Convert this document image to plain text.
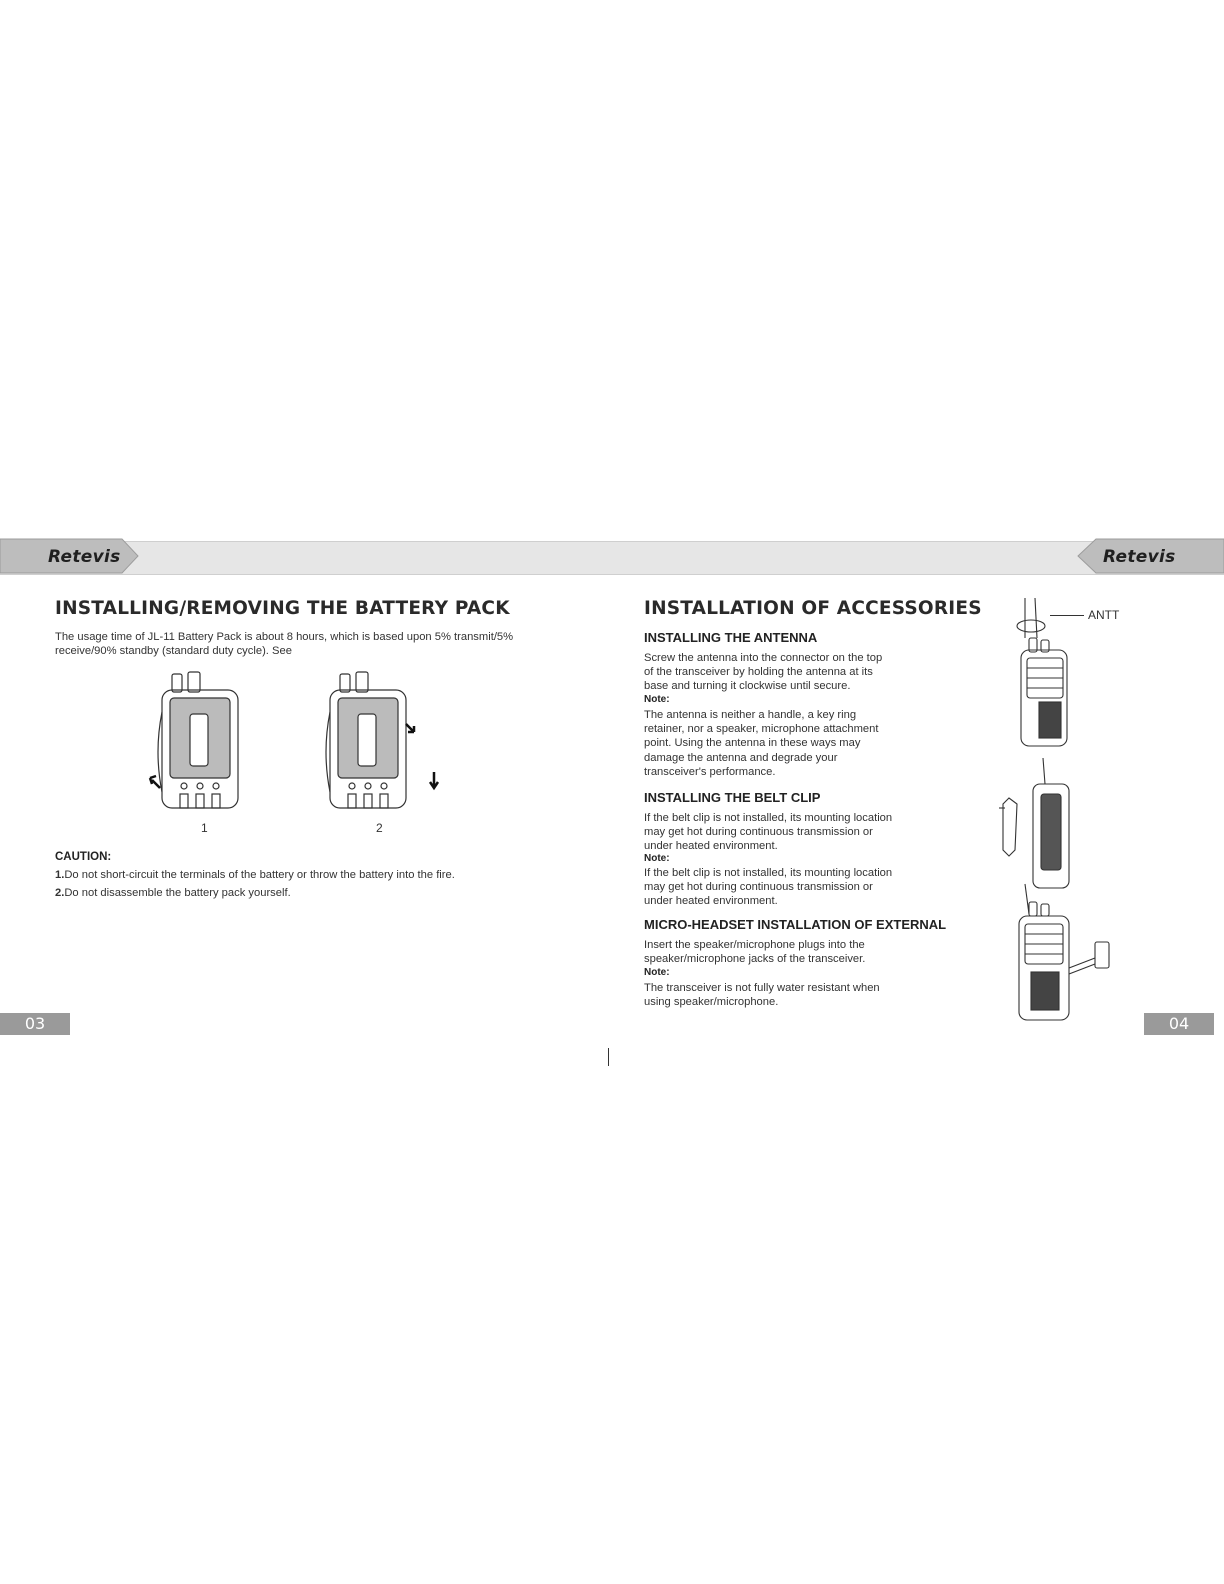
Retevis	Retevis
INSTALLING/REMOVING THE BATTERY PACK
The usage time of JL-11 Battery Pack is about 8 hours, which is based upon 5% transmit/5%
receive/90% standby (standard duty cycle). See
1	2
CAUTION:
1.Do not short-circuit the terminals of the battery or throw the battery into the fire.
2.Do not disassemble the battery pack yourself.
03
INSTALLATION OF ACCESSORIES
INSTALLING THE ANTENNA
Screw the antenna into the connector on the top
of the transceiver by holding the antenna at its
base and turning it clockwise until secure.
Note:
The antenna is neither a handle, a key ring
retainer, nor a speaker, microphone attachment
point. Using the antenna in these ways may
damage the antenna and degrade your
transceiver's performance.
INSTALLING THE BELT CLIP
If the belt clip is not installed, its mounting location
may get hot during continuous transmission or
under heated environment.
Note:
If the belt clip is not installed, its mounting location
may get hot during continuous transmission or
under heated environment.
MICRO-HEADSET INSTALLATION OF EXTERNAL
Insert the speaker/microphone plugs into the
speaker/microphone jacks of the transceiver.
Note:
The transceiver is not fully water resistant when
using speaker/microphone.
ANTT
04
